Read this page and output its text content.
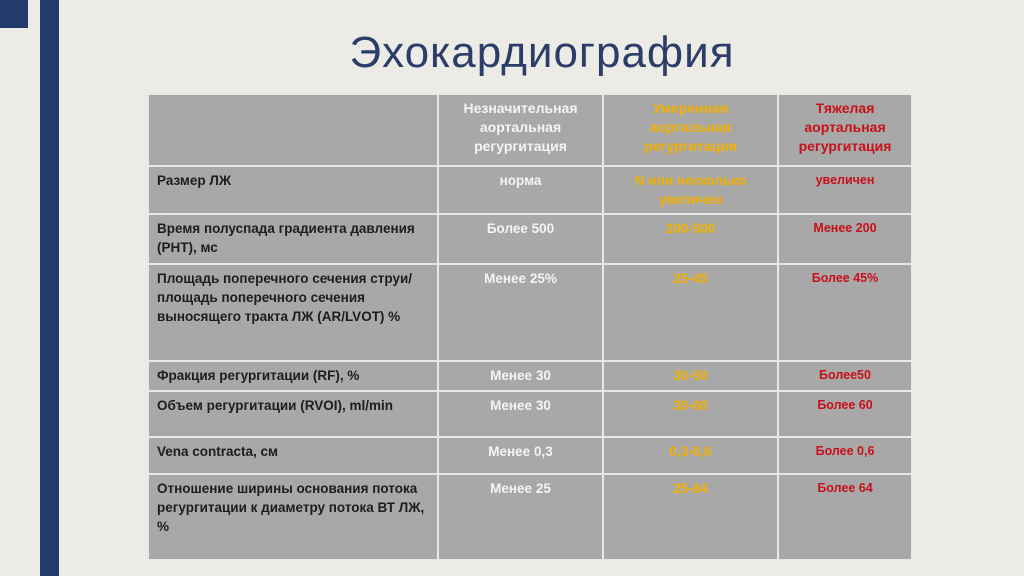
Эхокардиография
	Незначительная аортальная регургитация	Умеренная аортальная регургитация	Тяжелая аортальная регургитация
Размер ЛЖ	норма	N или несколько увеличен	увеличен
Время полуспада градиента давления (PHT), мс	Более 500	200-500	Менее 200
Площадь поперечного сечения струи/площадь поперечного сечения выносящего тракта ЛЖ (AR/LVOT) %	Менее 25%	25-45	Более 45%
Фракция регургитации (RF), %	Менее 30	30-50	Более50
Объем регургитации (RVOI), ml/min	Менее 30	30-60	Более 60
Vena contracta, см	Менее 0,3	0,3-0,6	Более 0,6
Отношение ширины основания потока регургитации к диаметру потока ВТ ЛЖ, %	Менее 25	25-64	Более 64
